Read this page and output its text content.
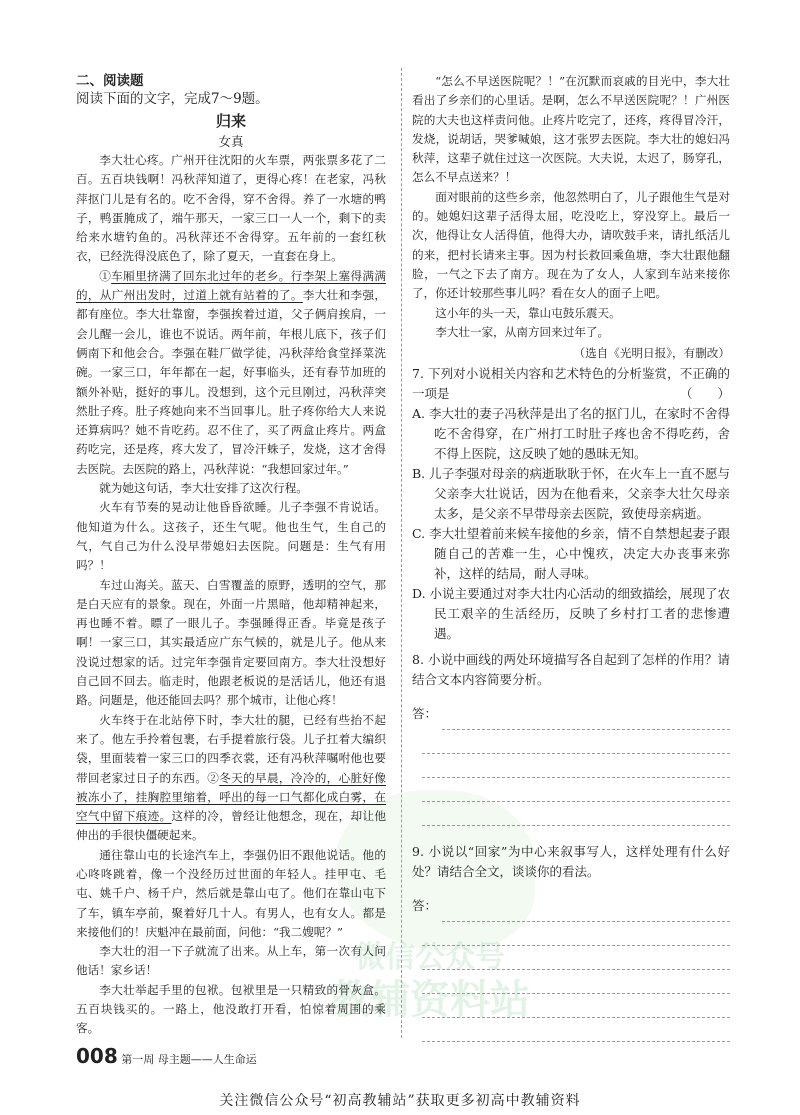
微信公众号
教辅资料站
二、阅读题
阅读下面的文字，完成7～9题。
归来
女真

李大壮心疼。广州开往沈阳的火车票，两张票多花了二百。五百块钱啊！冯秋萍知道了，更得心疼！在老家，冯秋萍抠门儿是有名的。吃不舍得，穿不舍得。养了一水塘的鸭子，鸭蛋腌成了，端午那天，一家三口一人一个，剩下的卖给来水塘钓鱼的。冯秋萍还不舍得穿。五年前的一套红秋衣，已经洗得没底色了，除了夏天，一直套在身上。

①车厢里挤满了回东北过年的老乡。行李架上塞得满满的，从广州出发时，过道上就有站着的了。李大壮和李强，都有座位。李大壮靠窗，李强挨着过道，父子俩肩挨肩，一会儿醒一会儿，谁也不说话。两年前，年根儿底下，孩子们俩南下和他会合。李强在鞋厂做学徒，冯秋萍给食堂择菜洗碗。一家三口，年年都在一起，好事临头，还有春节加班的额外补贴，挺好的事儿。没想到，这个元旦刚过，冯秋萍突然肚子疼。肚子疼她向来不当回事儿。肚子疼你给大人来说还算病吗？她不肯吃药。忍不住了，买了两盒止疼片。两盒药吃完，还是疼，疼大发了，冒冷汗蛛子，发烧，这才舍得去医院。去医院的路上，冯秋萍说：“我想回家过年。”

就为她这句话，李大壮安排了这次行程。

火车有节奏的晃动让他昏昏欲睡。儿子李强不肯说话。他知道为什么。这孩子，还生气呢。他也生气，生自己的气，气自己为什么没早带媳妇去医院。问题是：生气有用吗？！

车过山海关。蓝天、白雪覆盖的原野，透明的空气，那是白天应有的景象。现在，外面一片黑暗，他却精神起来，再也睡不着。瞟了一眼儿子。李强睡得正香。毕竟是孩子啊！一家三口，其实最适应广东气候的，就是儿子。他从来没说过想家的话。过完年李强肯定要回南方。李大壮没想好自己回不回去。临走时，他跟老板说的是活话儿，他还有退路。问题是，他还能回去吗？那个城市，让他心疼！

火车终于在北站停下时，李大壮的腿，已经有些抬不起来了。他左手拎着包裹，右手提着旅行袋。儿子扛着大编织袋，里面装着一家三口的四季衣裳，还有冯秋萍嘱咐他也要带回老家过日子的东西。②冬天的早晨，冷冷的，心脏好像被冻小了，挂胸腔里缩着，呼出的每一口气都化成白雾，在空气中留下痕迹。这样的冷，曾经让他想念，现在，却让他伸出的手很快僵硬起来。

通往靠山屯的长途汽车上，李强仍旧不跟他说话。他的心咚咚跳着，像一个没经历过世面的年轻人。挂甲屯、毛屯、姚千户、杨千户，然后就是靠山屯了。他们在靠山屯下了车，镇车亭前，聚着好几十人。有男人，也有女人。都是来接他们的！庆魁冲在最前面，问他：“我二嫂呢？”

李大壮的泪一下子就流了出来。从上车，第一次有人问他话！家乡话！

李大壮举起手里的包袱。包袱里是一只精致的骨灰盒。五百块钱买的。一路上，他没敢打开看，怕惊着周围的乘客。

“怎么不早送医院呢？！”在沉默而哀戚的目光中，李大壮看出了乡亲们的心里话。是啊，怎么不早送医院呢？！广州医院的大夫也这样责问他。止疼片吃完了，还疼，疼得冒冷汗，发烧，说胡话，哭爹喊娘，这才张罗去医院。李大壮的媳妇冯秋萍，这辈子就住过这一次医院。大夫说，太迟了，肠穿孔，怎么不早点送来？！

面对眼前的这些乡亲，他忽然明白了，儿子跟他生气是对的。她媳妇这辈子活得太屈，吃没吃上，穿没穿上。最后一次，他得让女人活得值，他得大办，请吹鼓手来，请扎纸活儿的来，把村长请来主事。因为村长救回乘鱼塘，李大壮跟他翻脸，一气之下去了南方。现在为了女人，人家到车站来接你了，你还计较那些事儿吗？看在女人的面子上吧。

这小年的头一天，靠山屯鼓乐震天。

李大壮一家，从南方回来过年了。

（选自《光明日报》，有删改）

7. 下列对小说相关内容和艺术特色的分析鉴赏，不正确的一项是	（　　）

A. 李大壮的妻子冯秋萍是出了名的抠门儿，在家时不舍得吃不舍得穿，在广州打工时肚子疼也舍不得吃药，舍不得上医院，这反映了她的愚昧无知。

B. 儿子李强对母亲的病逝耿耿于怀，在火车上一直不愿与父亲李大壮说话，因为在他看来，父亲李大壮欠母亲太多，是父亲不早带母亲去医院，致使母亲病逝。

C. 李大壮望着前来候车接他的乡亲，情不自禁想起妻子跟随自己的苦难一生，心中愧疚，决定大办丧事来弥补，这样的结局，耐人寻味。

D. 小说主要通过对李大壮内心活动的细致描绘，展现了农民工艰辛的生活经历，反映了乡村打工者的悲惨遭遇。

8. 小说中画线的两处环境描写各自起到了怎样的作用？请结合文本内容简要分析。

答：

9. 小说以“回家”为中心来叙事写人，这样处理有什么好处？请结合全文，谈谈你的看法。

答：
008 第一周 母主题——人生命运
关注微信公众号“初高教辅站”获取更多初高中教辅资料
